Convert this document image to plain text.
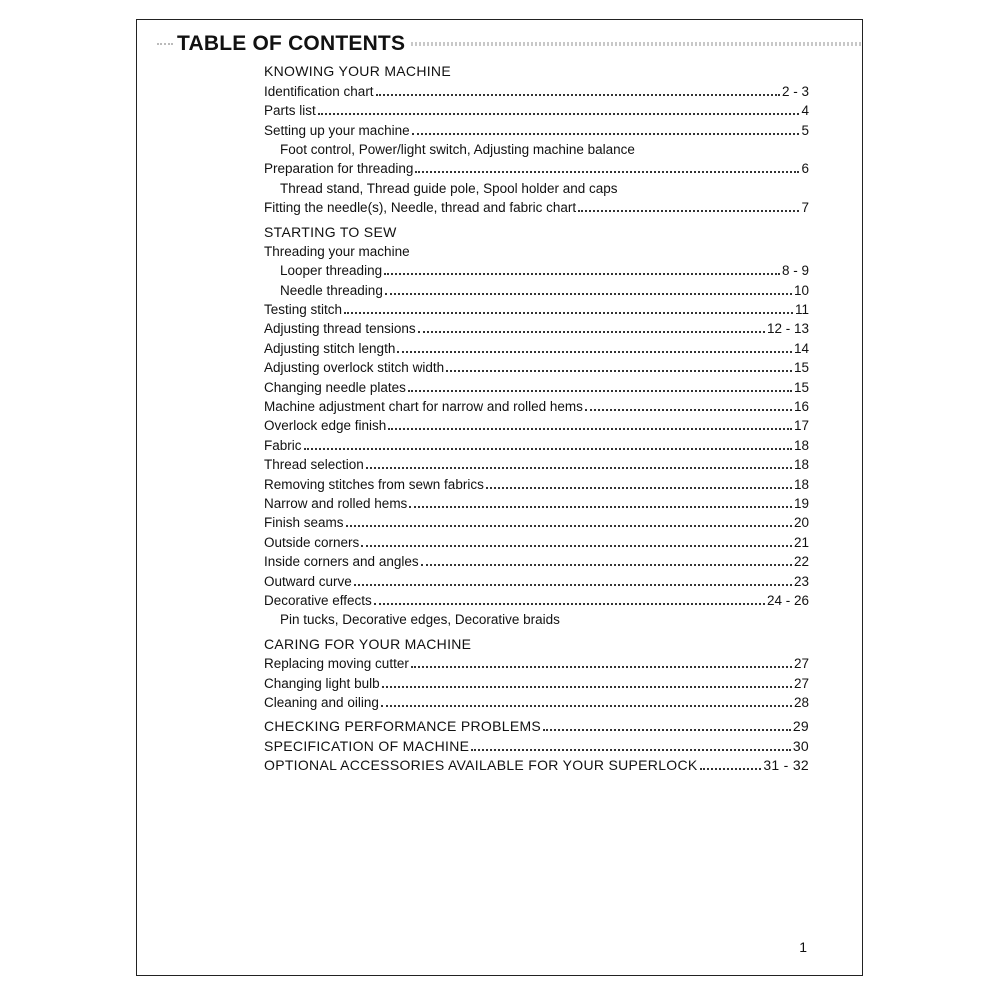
TABLE OF CONTENTS
KNOWING YOUR MACHINE
Identification chart	2 - 3
Parts list	4
Setting up your machine	5
Foot control, Power/light switch, Adjusting machine balance
Preparation for threading	6
Thread stand, Thread guide pole, Spool holder and caps
Fitting the needle(s), Needle, thread and fabric chart	7
STARTING TO SEW
Threading your machine
Looper threading	8 - 9
Needle threading	10
Testing stitch	11
Adjusting thread tensions	12 - 13
Adjusting stitch length	14
Adjusting overlock stitch width	15
Changing needle plates	15
Machine adjustment chart for narrow and rolled hems	16
Overlock edge finish	17
Fabric	18
Thread selection	18
Removing stitches from sewn fabrics	18
Narrow and rolled hems	19
Finish seams	20
Outside corners	21
Inside corners and angles	22
Outward curve	23
Decorative effects	24 - 26
Pin tucks, Decorative edges, Decorative braids
CARING FOR YOUR MACHINE
Replacing moving cutter	27
Changing light bulb	27
Cleaning and oiling	28
CHECKING PERFORMANCE PROBLEMS	29
SPECIFICATION OF MACHINE	30
OPTIONAL ACCESSORIES AVAILABLE FOR YOUR SUPERLOCK	31 - 32
1
